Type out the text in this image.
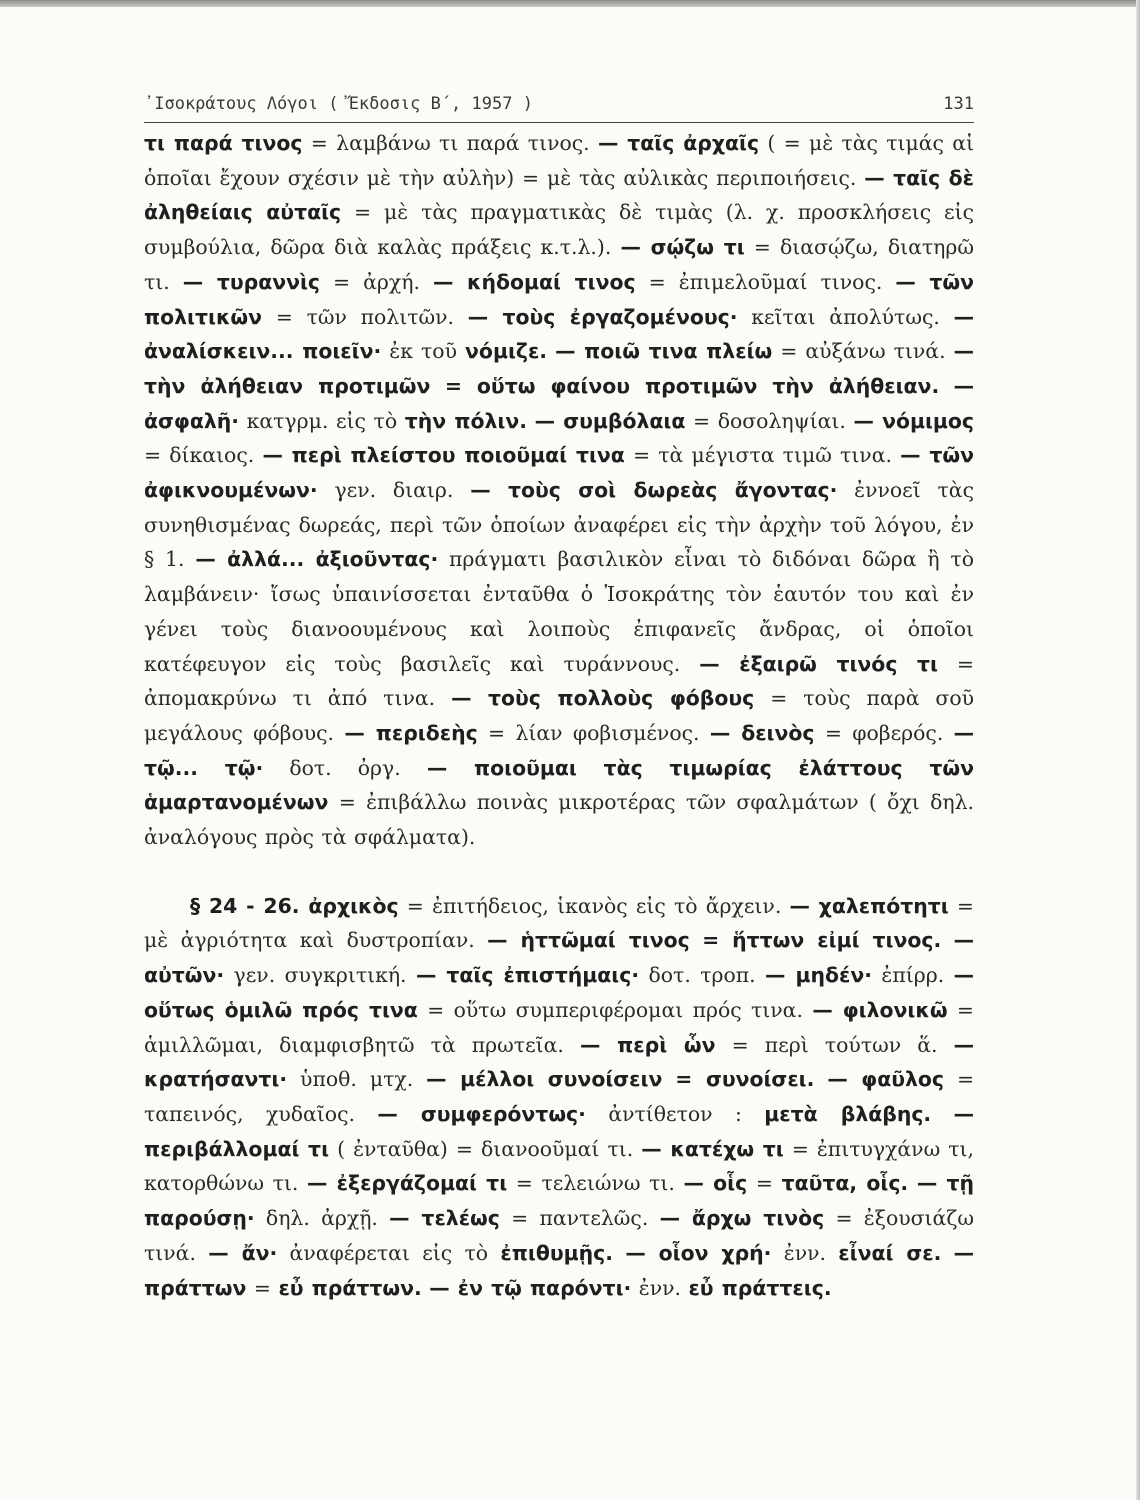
᾿Ισοκράτους Λόγοι ( Ἔκδοσις Β΄, 1957 )	131

τι παρά τινος = λαμβάνω τι παρά τινος. — ταῖς ἀρχαῖς ( = μὲ τὰς τιμάς αἱ ὁποῖαι ἔχουν σχέσιν μὲ τὴν αὐλὴν) = μὲ τὰς αὐλικὰς περιποιήσεις. — ταῖς δὲ ἀληθείαις αὐταῖς = μὲ τὰς πραγματικὰς δὲ τιμὰς (λ. χ. προσκλήσεις εἰς συμβούλια, δῶρα διὰ καλὰς πράξεις κ.τ.λ.). — σῴζω τι = διασῴζω, διατηρῶ τι. — τυραννὶς = ἀρχή. — κήδομαί τινος = ἐπιμελοῦμαί τινος. — τῶν πολιτικῶν = τῶν πολιτῶν. — τοὺς ἐργαζομένους· κεῖται ἀπολύτως. — ἀναλίσκειν... ποιεῖν· ἐκ τοῦ νόμιζε. — ποιῶ τινα πλείω = αὐξάνω τινά. — τὴν ἀλήθειαν προτιμῶν = οὕτω φαίνου προτιμῶν τὴν ἀλήθειαν. — ἀσφαλῆ· κατγρμ. εἰς τὸ τὴν πόλιν. — συμβόλαια = δοσοληψίαι. — νόμιμος = δίκαιος. — περὶ πλείστου ποιοῦμαί τινα = τὰ μέγιστα τιμῶ τινα. — τῶν ἀφικνουμένων· γεν. διαιρ. — τοὺς σοὶ δωρεὰς ἄγοντας· ἐννοεῖ τὰς συνηθισμένας δωρεάς, περὶ τῶν ὁποίων ἀναφέρει εἰς τὴν ἀρχὴν τοῦ λόγου, ἐν § 1. — ἀλλά... ἀξιοῦντας· πράγματι βασιλικὸν εἶναι τὸ διδόναι δῶρα ἢ τὸ λαμβάνειν· ἴσως ὑπαινίσσεται ἐνταῦθα ὁ Ἰσοκράτης τὸν ἑαυτόν του καὶ ἐν γένει τοὺς διανοουμένους καὶ λοιποὺς ἐπιφανεῖς ἄνδρας, οἱ ὁποῖοι κατέφευγον εἰς τοὺς βασιλεῖς καὶ τυράννους. — ἐξαιρῶ τινός τι = ἀπομακρύνω τι ἀπό τινα. — τοὺς πολλοὺς φόβους = τοὺς παρὰ σοῦ μεγάλους φόβους. — περιδεὴς = λίαν φοβισμένος. — δεινὸς = φοβερός. — τῷ... τῷ· δοτ. ὀργ. — ποιοῦμαι τὰς τιμωρίας ἐλάττους τῶν ἁμαρτανομένων = ἐπιβάλλω ποινὰς μικροτέρας τῶν σφαλμάτων ( ὄχι δηλ. ἀναλόγους πρὸς τὰ σφάλματα).

§ 24 - 26. ἀρχικὸς = ἐπιτήδειος, ἱκανὸς εἰς τὸ ἄρχειν. — χαλεπότητι = μὲ ἀγριότητα καὶ δυστροπίαν. — ἡττῶμαί τινος = ἥττων εἰμί τινος. — αὐτῶν· γεν. συγκριτική. — ταῖς ἐπιστήμαις· δοτ. τροπ. — μηδέν· ἐπίρρ. — οὕτως ὁμιλῶ πρός τινα = οὕτω συμπεριφέρομαι πρός τινα. — φιλονικῶ = ἁμιλλῶμαι, διαμφισβητῶ τὰ πρωτεῖα. — περὶ ὧν = περὶ τούτων ἅ. — κρατήσαντι· ὑποθ. μτχ. — μέλλοι συνοίσειν = συνοίσει. — φαῦλος = ταπεινός, χυδαῖος. — συμφερόντως· ἀντίθετον : μετὰ βλάβης. — περιβάλλομαί τι ( ἐνταῦθα) = διανοοῦμαί τι. — κατέχω τι = ἐπιτυγχάνω τι, κατορθώνω τι. — ἐξεργάζομαί τι = τελειώνω τι. — οἷς = ταῦτα, οἷς. — τῇ παρούσῃ· δηλ. ἀρχῇ. — τελέως = παντελῶς. — ἄρχω τινὸς = ἐξουσιάζω τινά. — ἄν· ἀναφέρεται εἰς τὸ ἐπιθυμῇς. — οἷον χρή· ἐνν. εἶναί σε. — πράττων = εὖ πράττων. — ἐν τῷ παρόντι· ἐνν. εὖ πράττεις.
